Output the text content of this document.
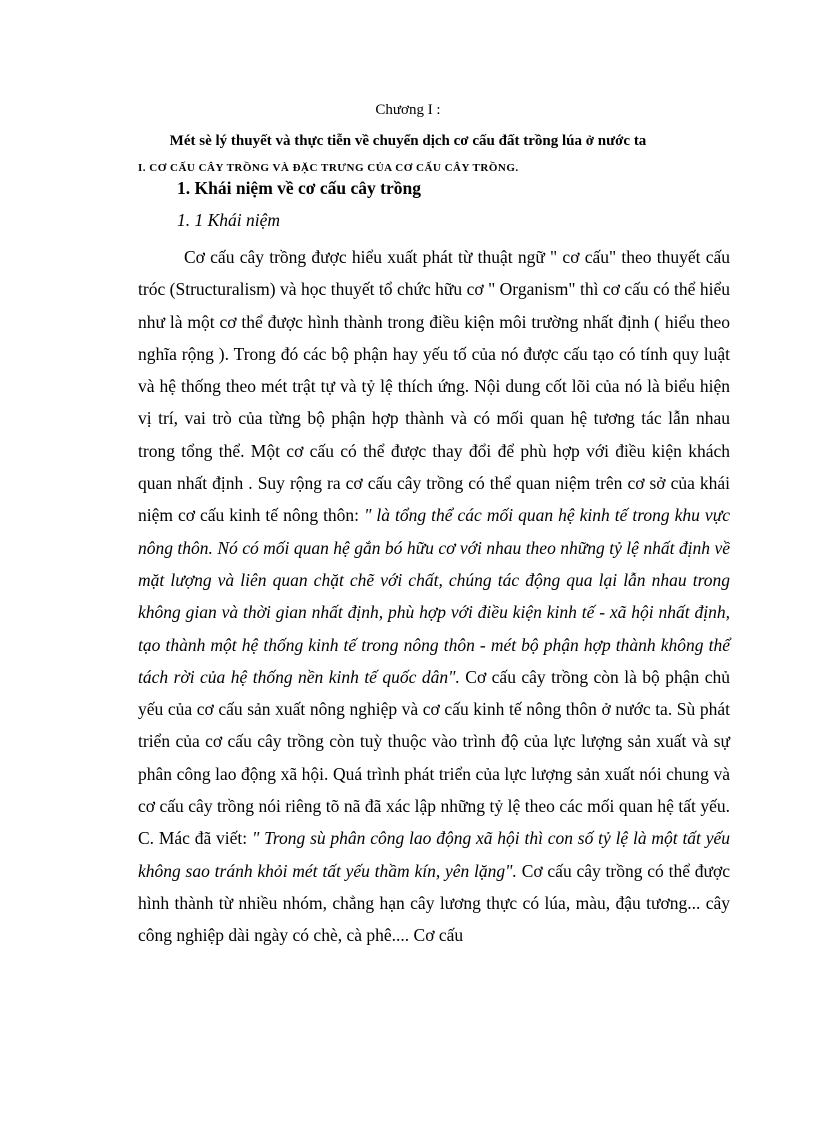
Chương I :
Mét sè lý thuyết và thực tiễn về chuyển dịch cơ cấu đất trồng lúa ở nước ta
I. CƠ CẤU CÂY TRỒNG VÀ ĐẶC TRƯNG CỦA CƠ CẤU CÂY TRỒNG.
1. Khái niệm về cơ cấu cây trồng
1. 1 Khái niệm

Cơ cấu cây trồng được hiểu xuất phát từ thuật ngữ " cơ cấu" theo thuyết cấu tróc (Structuralism) và học thuyết tổ chức hữu cơ " Organism" thì cơ cấu có thể hiểu như là một cơ thể được hình thành trong điều kiện môi trường nhất định ( hiểu theo nghĩa rộng ). Trong đó các bộ phận hay yếu tố của nó được cấu tạo có tính quy luật và hệ thống theo mét trật tự và tỷ lệ thích ứng. Nội dung cốt lõi của nó là biểu hiện vị trí, vai trò của từng bộ phận hợp thành và có mối quan hệ tương tác lẫn nhau trong tổng thể. Một cơ cấu có thể được thay đổi để phù hợp với điều kiện khách quan nhất định . Suy rộng ra cơ cấu cây trồng có thể quan niệm trên cơ sở của khái niệm cơ cấu kinh tế nông thôn: " là tổng thể các mối quan hệ kinh tế trong khu vực nông thôn. Nó có mối quan hệ gắn bó hữu cơ với nhau theo những tỷ lệ nhất định về mặt lượng và liên quan chặt chẽ với chất, chúng tác động qua lại lẫn nhau trong không gian và thời gian nhất định, phù hợp với điều kiện kinh tế - xã hội nhất định, tạo thành một hệ thống kinh tế trong nông thôn - mét bộ phận hợp thành không thể tách rời của hệ thống nền kinh tế quốc dân". Cơ cấu cây trồng còn là bộ phận chủ yếu của cơ cấu sản xuất nông nghiệp và cơ cấu kinh tế nông thôn ở nước ta. Sù phát triển của cơ cấu cây trồng còn tuỳ thuộc vào trình độ của lực lượng sản xuất và sự phân công lao động xã hội. Quá trình phát triển của lực lượng sản xuất nói chung và cơ cấu cây trồng nói riêng tõ nã đã xác lập những tỷ lệ theo các mối quan hệ tất yếu. C. Mác đã viết: " Trong sù phân công lao động xã hội thì con số tỷ lệ là một tất yếu không sao tránh khỏi mét tất yếu thầm kín, yên lặng". Cơ cấu cây trồng có thể được hình thành từ nhiều nhóm, chẳng hạn cây lương thực có lúa, màu, đậu tương... cây công nghiệp dài ngày có chè, cà phê.... Cơ cấu
